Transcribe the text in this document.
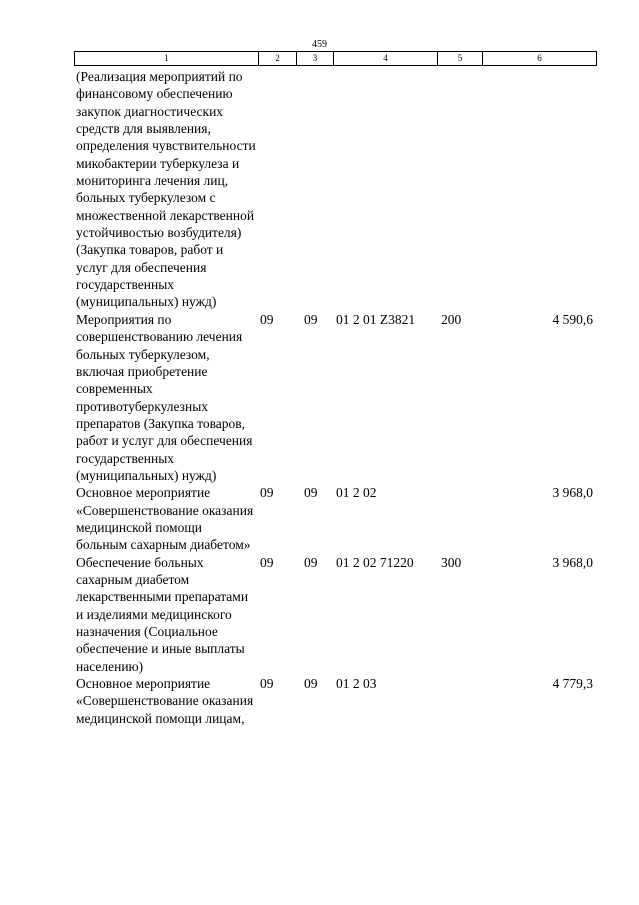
459
1	2	3	4	5	6
(Реализация мероприятий по финансовому обеспечению закупок диагностических средств для выявления, определения чувствительности микобактерии туберкулеза и мониторинга лечения лиц, больных туберкулезом с множественной лекарственной устойчивостью возбудителя) (Закупка товаров, работ и услуг для обеспечения государственных (муниципальных) нужд)					
Мероприятия по совершенствованию лечения больных туберкулезом, включая приобретение современных противотуберкулезных препаратов (Закупка товаров, работ и услуг для обеспечения государственных (муниципальных) нужд)	09	09	01 2 01 Z3821	200	4 590,6
Основное мероприятие «Совершенствование оказания медицинской помощи больным сахарным диабетом»	09	09	01 2 02		3 968,0
Обеспечение больных сахарным диабетом лекарственными препаратами и изделиями медицинского назначения (Социальное обеспечение и иные выплаты населению)	09	09	01 2 02 71220	300	3 968,0
Основное мероприятие «Совершенствование оказания медицинской помощи лицам,	09	09	01 2 03		4 779,3
